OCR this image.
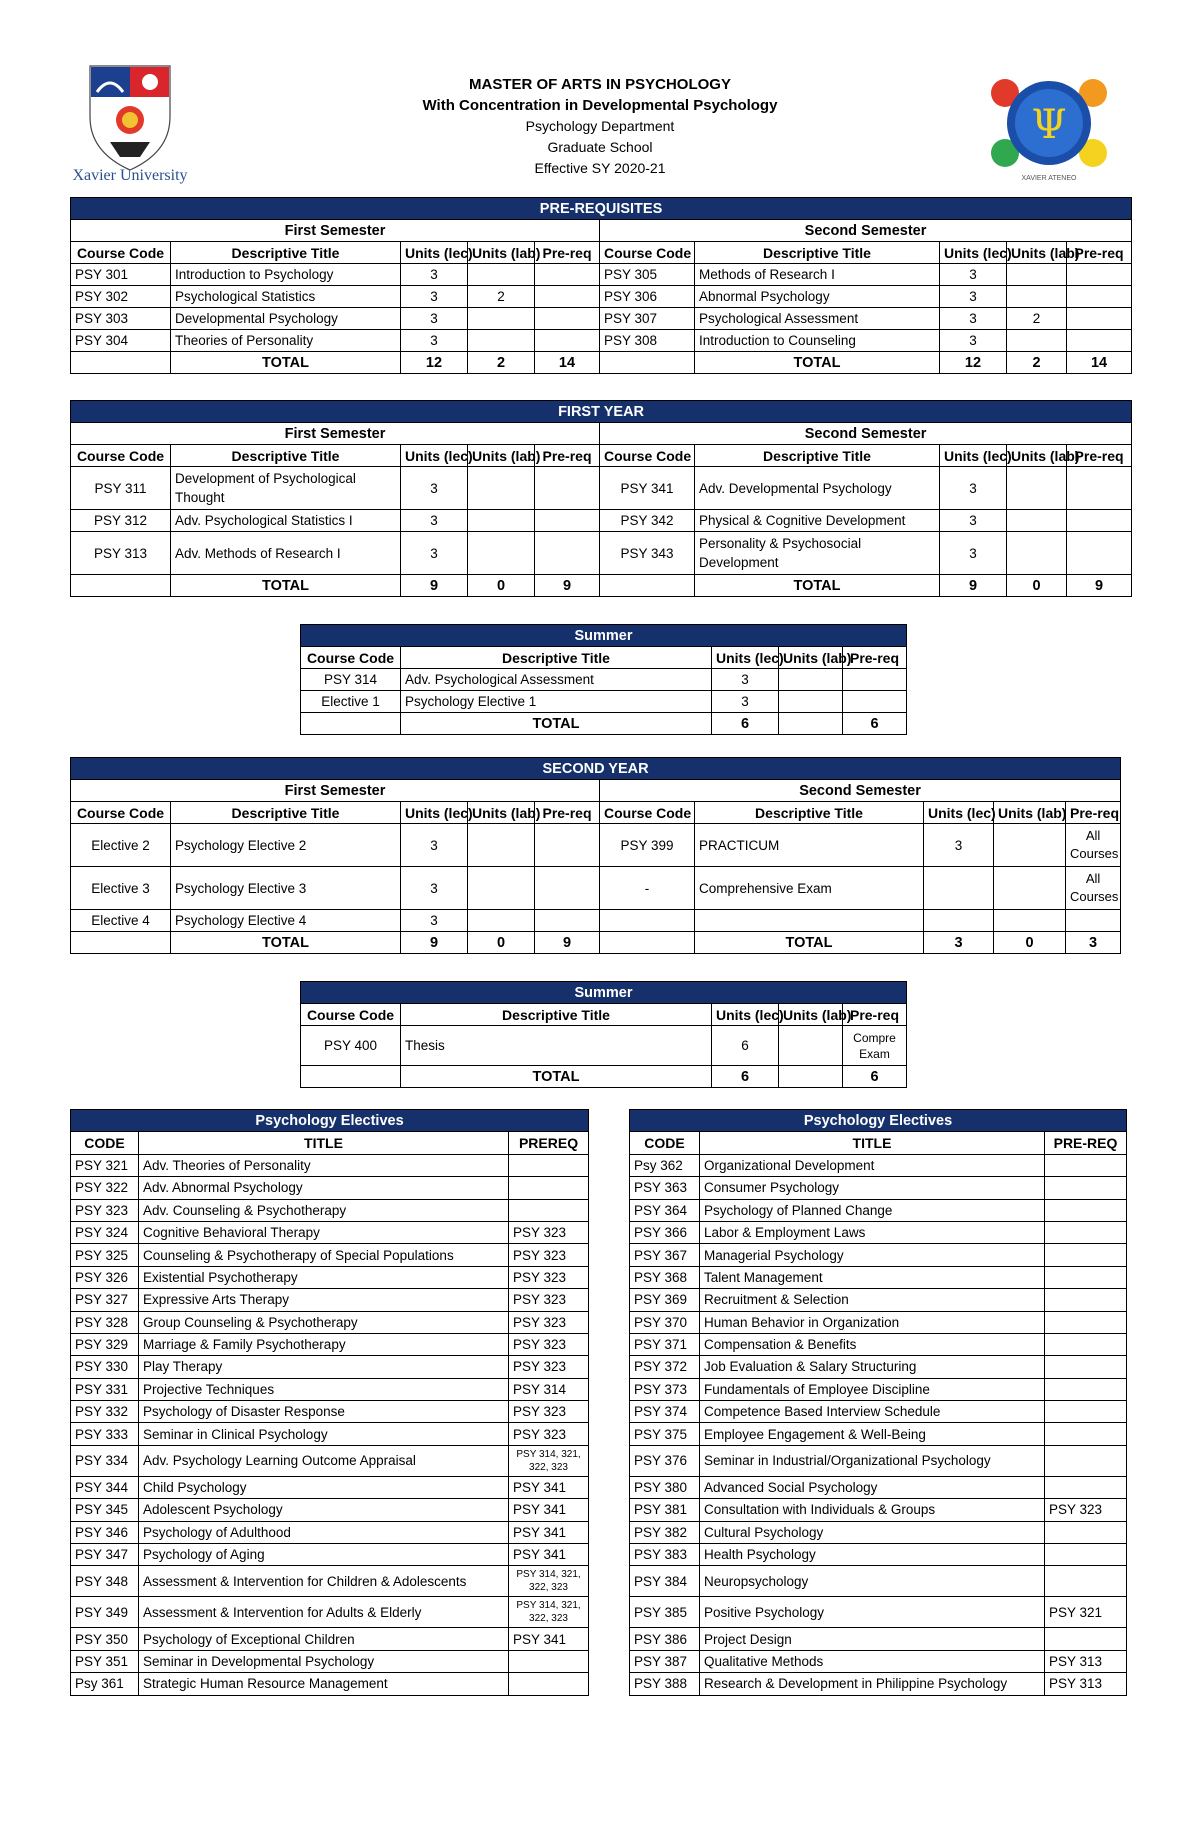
Xavier University
Ψ
XAVIER ATENEO
MASTER OF ARTS IN PSYCHOLOGY
With Concentration in Developmental Psychology
Psychology Department
Graduate School
Effective SY 2020-21
PRE-REQUISITES									
First Semester					Second Semester				
Course Code	Descriptive Title	Units (lec)	Units (lab)	Pre-req	Course Code	Descriptive Title	Units (lec)	Units (lab)	Pre-req
PSY 301	Introduction to Psychology	3			PSY 305	Methods of Research I	3		
PSY 302	Psychological Statistics	3	2		PSY 306	Abnormal Psychology	3		
PSY 303	Developmental Psychology	3			PSY 307	Psychological Assessment	3	2	
PSY 304	Theories of Personality	3			PSY 308	Introduction to Counseling	3		
	TOTAL	12	2	14		TOTAL	12	2	14
FIRST YEAR									
First Semester					Second Semester				
Course Code	Descriptive Title	Units (lec)	Units (lab)	Pre-req	Course Code	Descriptive Title	Units (lec)	Units (lab)	Pre-req
PSY 311	Development of Psychological Thought	3			PSY 341	Adv. Developmental Psychology	3		
PSY 312	Adv. Psychological Statistics I	3			PSY 342	Physical & Cognitive Development	3		
PSY 313	Adv. Methods of Research I	3			PSY 343	Personality & Psychosocial Development	3		
	TOTAL	9	0	9		TOTAL	9	0	9
Summer				
Course Code	Descriptive Title	Units (lec)	Units (lab)	Pre-req
PSY 314	Adv. Psychological Assessment	3		
Elective 1	Psychology Elective 1	3		
	TOTAL	6		6
SECOND YEAR									
First Semester					Second Semester				
Course Code	Descriptive Title	Units (lec)	Units (lab)	Pre-req	Course Code	Descriptive Title	Units (lec)	Units (lab)	Pre-req
Elective 2	Psychology Elective 2	3			PSY 399	PRACTICUM	3		All Courses
Elective 3	Psychology Elective 3	3			-	Comprehensive Exam			All Courses
Elective 4	Psychology Elective 4	3							
	TOTAL	9	0	9		TOTAL	3	0	3
Summer				
Course Code	Descriptive Title	Units (lec)	Units (lab)	Pre-req
PSY 400	Thesis	6		Compre Exam
	TOTAL	6		6
Psychology Electives		
CODE	TITLE	PREREQ
PSY 321	Adv. Theories of Personality	
PSY 322	Adv. Abnormal Psychology	
PSY 323	Adv. Counseling & Psychotherapy	
PSY 324	Cognitive Behavioral Therapy	PSY 323
PSY 325	Counseling & Psychotherapy of Special Populations	PSY 323
PSY 326	Existential Psychotherapy	PSY 323
PSY 327	Expressive Arts Therapy	PSY 323
PSY 328	Group Counseling & Psychotherapy	PSY 323
PSY 329	Marriage & Family Psychotherapy	PSY 323
PSY 330	Play Therapy	PSY 323
PSY 331	Projective Techniques	PSY 314
PSY 332	Psychology of Disaster Response	PSY 323
PSY 333	Seminar in Clinical Psychology	PSY 323
PSY 334	Adv. Psychology Learning Outcome Appraisal	PSY 314, 321, 322, 323
PSY 344	Child Psychology	PSY 341
PSY 345	Adolescent Psychology	PSY 341
PSY 346	Psychology of Adulthood	PSY 341
PSY 347	Psychology of Aging	PSY 341
PSY 348	Assessment & Intervention for Children & Adolescents	PSY 314, 321, 322, 323
PSY 349	Assessment & Intervention for Adults & Elderly	PSY 314, 321, 322, 323
PSY 350	Psychology of Exceptional Children	PSY 341
PSY 351	Seminar in Developmental Psychology	
Psy 361	Strategic Human Resource Management	
Psychology Electives		
CODE	TITLE	PRE-REQ
Psy 362	Organizational Development	
PSY 363	Consumer Psychology	
PSY 364	Psychology of Planned Change	
PSY 366	Labor & Employment Laws	
PSY 367	Managerial Psychology	
PSY 368	Talent Management	
PSY 369	Recruitment & Selection	
PSY 370	Human Behavior in Organization	
PSY 371	Compensation & Benefits	
PSY 372	Job Evaluation & Salary Structuring	
PSY 373	Fundamentals of Employee Discipline	
PSY 374	Competence Based Interview Schedule	
PSY 375	Employee Engagement & Well-Being	
PSY 376	Seminar in Industrial/Organizational Psychology	
PSY 380	Advanced Social Psychology	
PSY 381	Consultation with Individuals & Groups	PSY 323
PSY 382	Cultural Psychology	
PSY 383	Health Psychology	
PSY 384	Neuropsychology	
PSY 385	Positive Psychology	PSY 321
PSY 386	Project Design	
PSY 387	Qualitative Methods	PSY 313
PSY 388	Research & Development in Philippine Psychology	PSY 313
